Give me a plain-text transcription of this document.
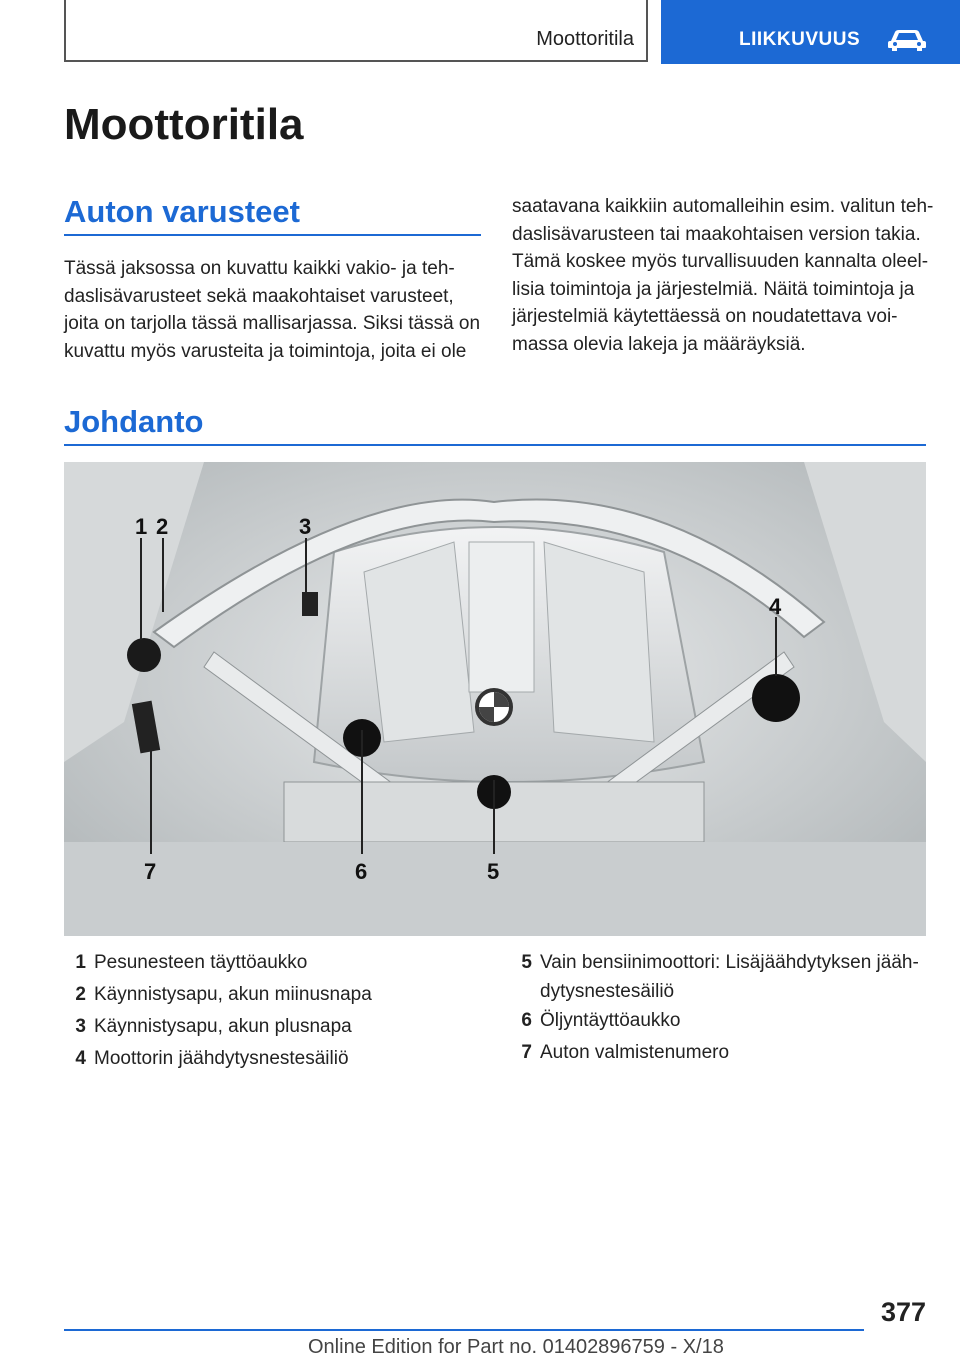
Moottoritila	LIIKKUVUUS
Moottoritila
Auton varusteet
Tässä jaksossa on kuvattu kaikki vakio- ja teh-
daslisävarusteet sekä maakohtaiset varusteet,
joita on tarjolla tässä mallisarjassa. Siksi tässä on
kuvattu myös varusteita ja toimintoja, joita ei ole
saatavana kaikkiin automalleihin esim. valitun teh-
daslisävarusteen tai maakohtaisen version takia.
Tämä koskee myös turvallisuuden kannalta oleel-
lisia toimintoja ja järjestelmiä. Näitä toimintoja ja
järjestelmiä käytettäessä on noudatettava voi-
massa olevia lakeja ja määräyksiä.
Johdanto
1 2	3
4
5
6
7
1 Pesunesteen täyttöaukko
2 Käynnistysapu, akun miinusnapa
3 Käynnistysapu, akun plusnapa
4 Moottorin jäähdytysnestesäiliö
5 Vain bensiinimoottori: Lisäjäähdytyksen jääh-
dytysnestesäiliö
6 Öljyntäyttöaukko
7 Auton valmistenumero
377
Online Edition for Part no. 01402896759 - X/18
